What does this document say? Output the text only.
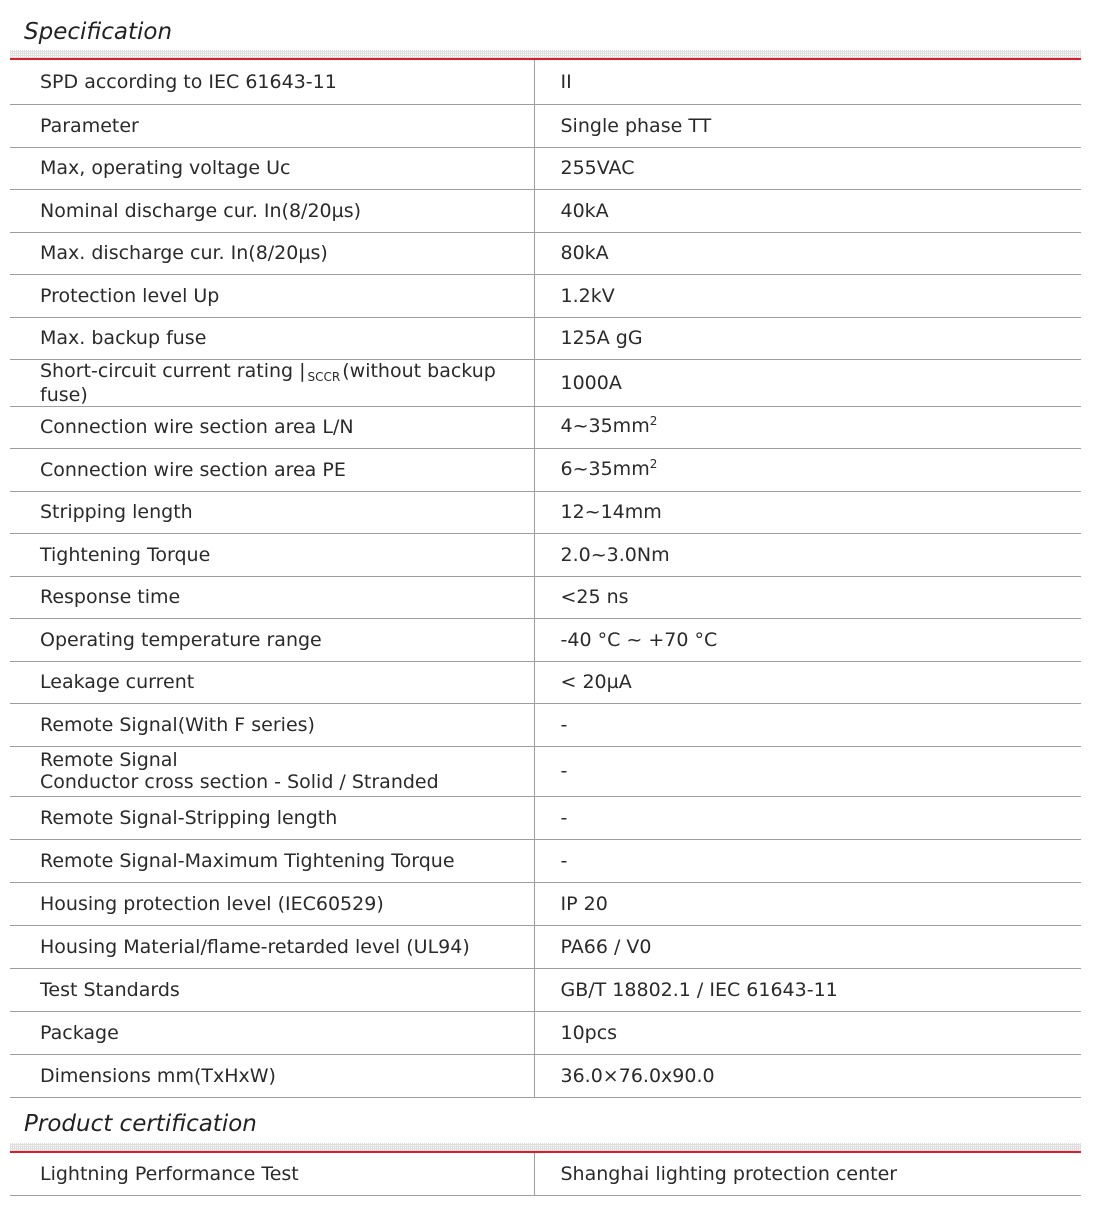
Specification
SPD according to IEC 61643-11	II
Parameter	Single phase TT
Max, operating voltage Uc	255VAC
Nominal discharge cur. In(8/20µs)	40kA
Max. discharge cur. In(8/20µs)	80kA
Protection level Up	1.2kV
Max. backup fuse	125A gG
Short-circuit current rating | $_{SCCR}$ (without backup fuse)	1000A
Connection wire section area L/N	$4\sim 35mm^2$
Connection wire section area PE	$6\sim 35mm^2$
Stripping length	12~14mm
Tightening Torque	2.0~3.0Nm
Response time	<25 ns
Operating temperature range	-40 °C ~ +70 °C
Leakage current	< 20µA
Remote Signal(With F series)	-

Remote Signal
Conductor cross section - Solid / Stranded	-
Remote Signal-Stripping length	-
Remote Signal-Maximum Tightening Torque	-
Housing protection level (IEC60529)	IP 20
Housing Material/flame-retarded level (UL94)	PA66 / V0
Test Standards	GB/T 18802.1 / IEC 61643-11
Package	10pcs
Dimensions mm(TxHxW)	36.0×76.0x90.0
Product certification
Lightning Performance Test	Shanghai lighting protection center
